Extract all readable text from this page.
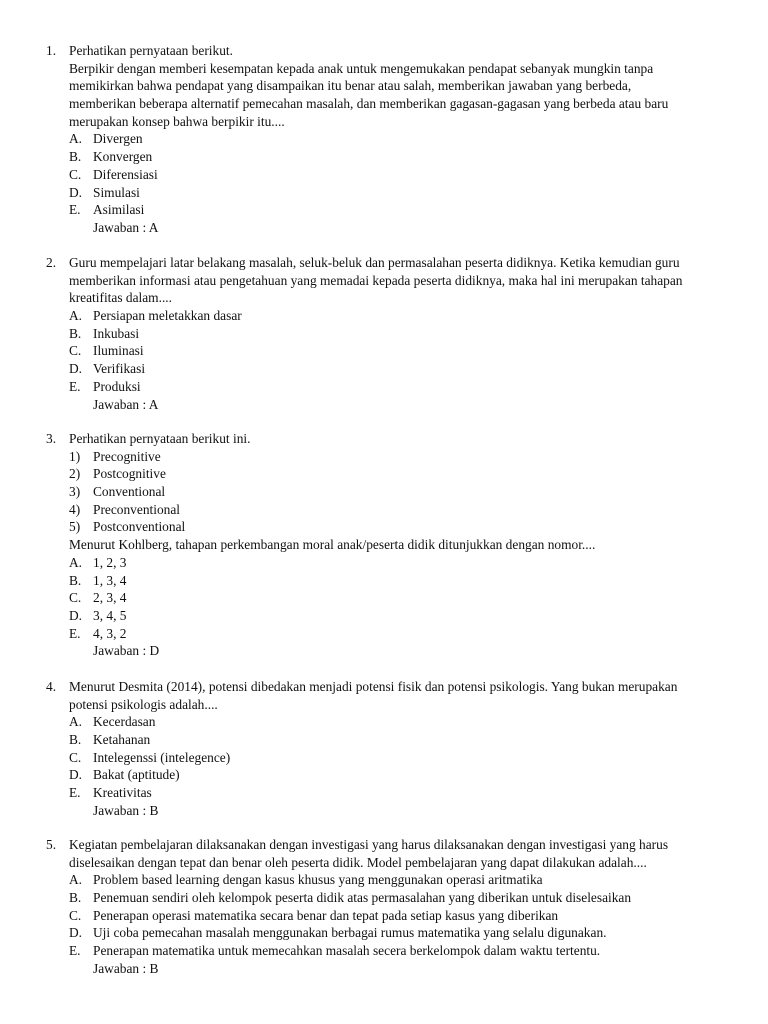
1. Perhatikan pernyataan berikut.
Berpikir dengan memberi kesempatan kepada anak untuk mengemukakan pendapat sebanyak mungkin tanpa
memikirkan bahwa pendapat yang disampaikan itu benar atau salah, memberikan jawaban yang berbeda,
memberikan beberapa alternatif pemecahan masalah, dan memberikan gagasan-gagasan yang berbeda atau baru
merupakan konsep bahwa berpikir itu....
A. Divergen
B. Konvergen
C. Diferensiasi
D. Simulasi
E. Asimilasi
Jawaban : A
2. Guru mempelajari latar belakang masalah, seluk-beluk dan permasalahan peserta didiknya. Ketika kemudian guru
memberikan informasi atau pengetahuan yang memadai kepada peserta didiknya, maka hal ini merupakan tahapan
kreatifitas dalam....
A. Persiapan meletakkan dasar
B. Inkubasi
C. Iluminasi
D. Verifikasi
E. Produksi
Jawaban : A
3. Perhatikan pernyataan berikut ini.
1) Precognitive
2) Postcognitive
3) Conventional
4) Preconventional
5) Postconventional
Menurut Kohlberg, tahapan perkembangan moral anak/peserta didik ditunjukkan dengan nomor....
A. 1, 2, 3
B. 1, 3, 4
C. 2, 3, 4
D. 3, 4, 5
E. 4, 3, 2
Jawaban : D
4. Menurut Desmita (2014), potensi dibedakan menjadi potensi fisik dan potensi psikologis. Yang bukan merupakan
potensi psikologis adalah....
A. Kecerdasan
B. Ketahanan
C. Intelegenssi (intelegence)
D. Bakat (aptitude)
E. Kreativitas
Jawaban : B
5. Kegiatan pembelajaran dilaksanakan dengan investigasi yang harus dilaksanakan dengan investigasi yang harus
diselesaikan dengan tepat dan benar oleh peserta didik. Model pembelajaran yang dapat dilakukan adalah....
A. Problem based learning dengan kasus khusus yang menggunakan operasi aritmatika
B. Penemuan sendiri oleh kelompok peserta didik atas permasalahan yang diberikan untuk diselesaikan
C. Penerapan operasi matematika secara benar dan tepat pada setiap kasus yang diberikan
D. Uji coba pemecahan masalah menggunakan berbagai rumus matematika yang selalu digunakan.
E. Penerapan matematika untuk memecahkan masalah secera berkelompok dalam waktu tertentu.
Jawaban : B
